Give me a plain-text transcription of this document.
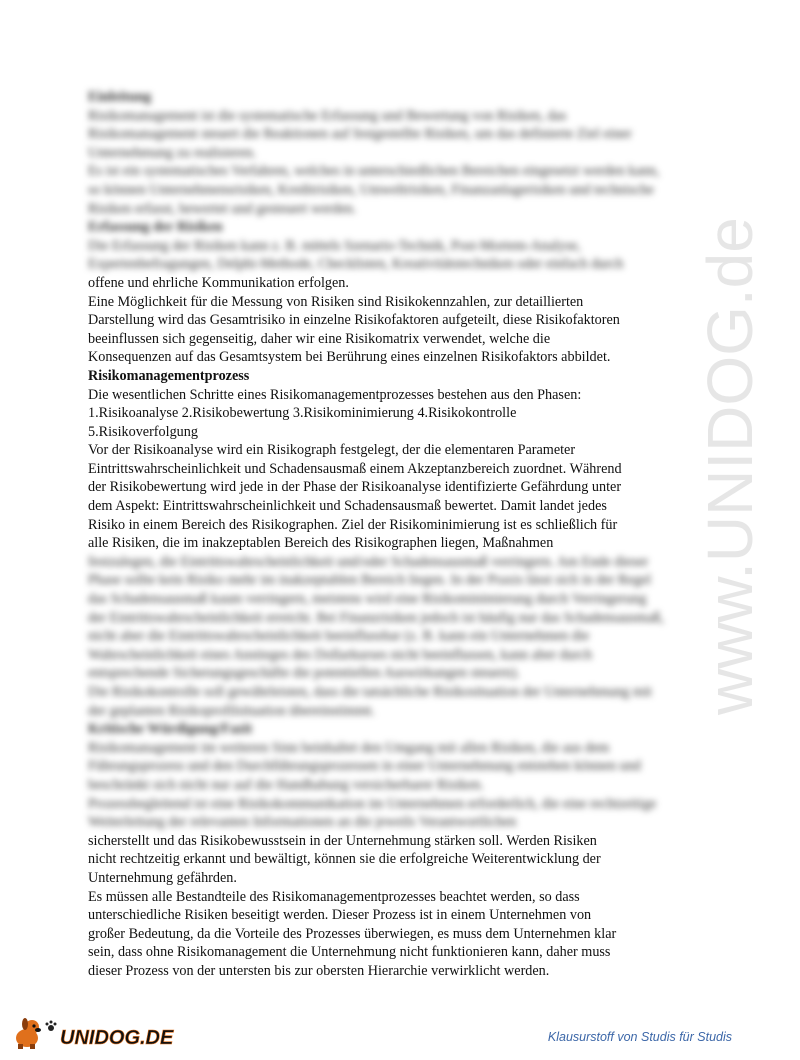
Einleitung

Risikomanagement ist die systematische Erfassung und Bewertung von Risiken, das Risikomanagement steuert die Reaktionen auf festgestellte Risiken, um das definierte Ziel einer Unternehmung zu realisieren.

Es ist ein systematisches Verfahren, welches in unterschiedlichen Bereichen eingesetzt werden kann, so können Unternehmensrisiken, Kreditrisiken, Umweltrisiken, Finanzanlagerisiken und technische Risiken erfasst, bewertet und gesteuert werden.

Erfassung der Risiken

Die Erfassung der Risiken kann z. B. mittels Szenario-Technik, Post-Mortem-Analyse, Expertenbefragungen, Delphi-Methode, Checklisten, Kreativitätstechniken oder einfach durch

offene und ehrliche Kommunikation erfolgen.

Eine Möglichkeit für die Messung von Risiken sind Risikokennzahlen, zur detaillierten

Darstellung wird das Gesamtrisiko in einzelne Risikofaktoren aufgeteilt, diese Risikofaktoren

beeinflussen sich gegenseitig, daher wir eine Risikomatrix verwendet, welche die

Konsequenzen auf das Gesamtsystem bei Berührung eines einzelnen Risikofaktors abbildet.

Risikomanagementprozess

Die wesentlichen Schritte eines Risikomanagementprozesses bestehen aus den Phasen:

1.Risikoanalyse 2.Risikobewertung 3.Risikominimierung 4.Risikokontrolle

5.Risikoverfolgung

Vor der Risikoanalyse wird ein Risikograph festgelegt, der die elementaren Parameter

Eintrittswahrscheinlichkeit und Schadensausmaß einem Akzeptanzbereich zuordnet. Während

der Risikobewertung wird jede in der Phase der Risikoanalyse identifizierte Gefährdung unter

dem Aspekt: Eintrittswahrscheinlichkeit und Schadensausmaß bewertet. Damit landet jedes

Risiko in einem Bereich des Risikographen. Ziel der Risikominimierung ist es schließlich für

alle Risiken, die im inakzeptablen Bereich des Risikographen liegen, Maßnahmen

festzulegen, die Eintrittswahrscheinlichkeit und/oder Schadensausmaß verringern. Am Ende dieser Phase sollte kein Risiko mehr im inakzeptablen Bereich liegen. In der Praxis lässt sich in der Regel das Schadensausmaß kaum verringern, meistens wird eine Risikominimierung durch Verringerung der Eintrittswahrscheinlichkeit erreicht. Bei Finanzrisiken jedoch ist häufig nur das Schadensausmaß, nicht aber die Eintrittswahrscheinlichkeit beeinflussbar (z. B. kann ein Unternehmen die Wahrscheinlichkeit eines Anstieges des Dollarkurses nicht beeinflussen, kann aber durch entsprechende Sicherungsgeschäfte die potentiellen Auswirkungen steuern).

Die Risikokontrolle soll gewährleisten, dass die tatsächliche Risikosituation der Unternehmung mit der geplanten Risikoprofilsituation übereinstimmt.

Kritische Würdigung/Fazit

Risikomanagement im weiteren Sinn beinhaltet den Umgang mit allen Risiken, die aus dem Führungsprozess und den Durchführungsprozessen in einer Unternehmung entstehen können und beschränkt sich nicht nur auf die Handhabung versicherbarer Risiken.

Prozessbegleitend ist eine Risikokommunikation im Unternehmen erforderlich, die eine rechtzeitige Weiterleitung der relevanten Informationen an die jeweils Verantwortlichen

sicherstellt und das Risikobewusstsein in der Unternehmung stärken soll. Werden Risiken

nicht rechtzeitig erkannt und bewältigt, können sie die erfolgreiche Weiterentwicklung der

Unternehmung gefährden.

Es müssen alle Bestandteile des Risikomanagementprozesses beachtet werden, so dass

unterschiedliche Risiken beseitigt werden. Dieser Prozess ist in einem Unternehmen von

großer Bedeutung, da die Vorteile des Prozesses überwiegen, es muss dem Unternehmen klar

sein, dass ohne Risikomanagement die Unternehmung nicht funktionieren kann, daher muss

dieser Prozess von der untersten bis zur obersten Hierarchie verwirklicht werden.

www.UNIDOG.de
UNIDOG.DE	Klausurstoff von Studis für Studis
